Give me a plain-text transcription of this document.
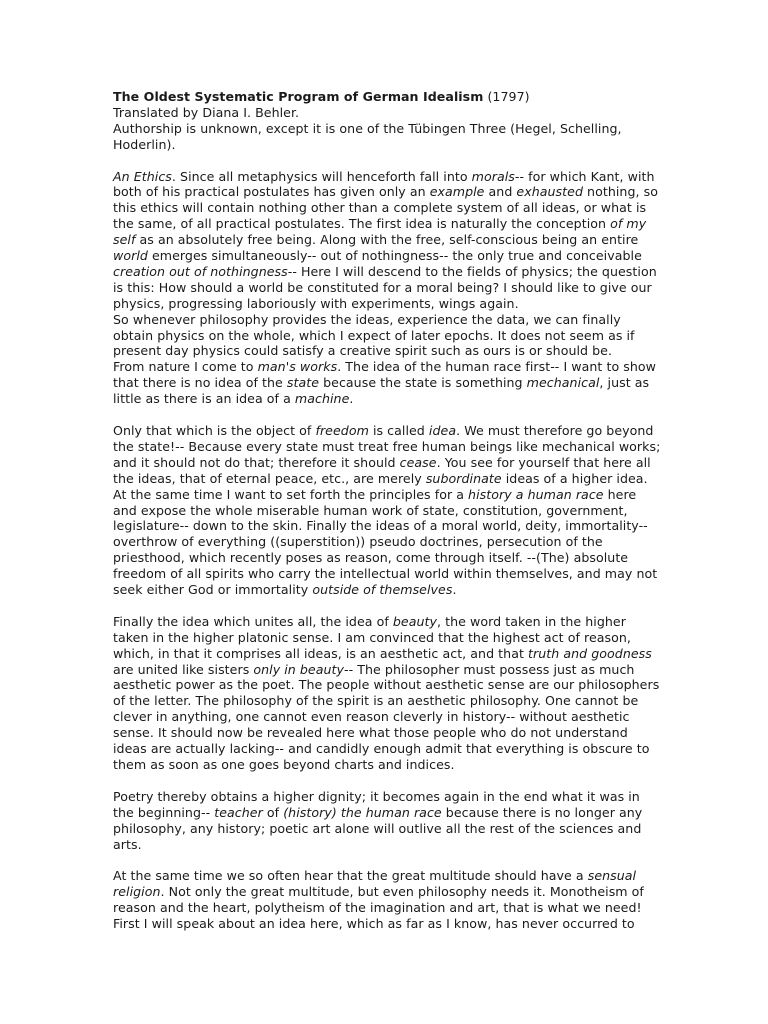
The Oldest Systematic Program of German Idealism (1797)

Translated by Diana I. Behler.

Authorship is unknown, except it is one of the Tübingen Three (Hegel, Schelling, Hoderlin).

An Ethics. Since all metaphysics will henceforth fall into morals-- for which Kant, with both of his practical postulates has given only an example and exhausted nothing, so this ethics will contain nothing other than a complete system of all ideas, or what is the same, of all practical postulates. The first idea is naturally the conception of my self as an absolutely free being. Along with the free, self-conscious being an entire world emerges simultaneously-- out of nothingness-- the only true and conceivable creation out of nothingness-- Here I will descend to the fields of physics; the question is this: How should a world be constituted for a moral being? I should like to give our physics, progressing laboriously with experiments, wings again.

So whenever philosophy provides the ideas, experience the data, we can finally obtain physics on the whole, which I expect of later epochs. It does not seem as if present day physics could satisfy a creative spirit such as ours is or should be.

From nature I come to man's works. The idea of the human race first-- I want to show that there is no idea of the state because the state is something mechanical, just as little as there is an idea of a machine.

Only that which is the object of freedom is called idea. We must therefore go beyond the state!-- Because every state must treat free human beings like mechanical works; and it should not do that; therefore it should cease. You see for yourself that here all the ideas, that of eternal peace, etc., are merely subordinate ideas of a higher idea. At the same time I want to set forth the principles for a history a human race here and expose the whole miserable human work of state, constitution, government, legislature-- down to the skin. Finally the ideas of a moral world, deity, immortality-- overthrow of everything ((superstition)) pseudo doctrines, persecution of the priesthood, which recently poses as reason, come through itself. --(The) absolute freedom of all spirits who carry the intellectual world within themselves, and may not seek either God or immortality outside of themselves.

Finally the idea which unites all, the idea of beauty, the word taken in the higher taken in the higher platonic sense. I am convinced that the highest act of reason, which, in that it comprises all ideas, is an aesthetic act, and that truth and goodness are united like sisters only in beauty-- The philosopher must possess just as much aesthetic power as the poet. The people without aesthetic sense are our philosophers of the letter. The philosophy of the spirit is an aesthetic philosophy. One cannot be clever in anything, one cannot even reason cleverly in history-- without aesthetic sense. It should now be revealed here what those people who do not understand ideas are actually lacking-- and candidly enough admit that everything is obscure to them as soon as one goes beyond charts and indices.

Poetry thereby obtains a higher dignity; it becomes again in the end what it was in the beginning-- teacher of (history) the human race because there is no longer any philosophy, any history; poetic art alone will outlive all the rest of the sciences and arts.

At the same time we so often hear that the great multitude should have a sensual religion. Not only the great multitude, but even philosophy needs it. Monotheism of reason and the heart, polytheism of the imagination and art, that is what we need! First I will speak about an idea here, which as far as I know, has never occurred to
